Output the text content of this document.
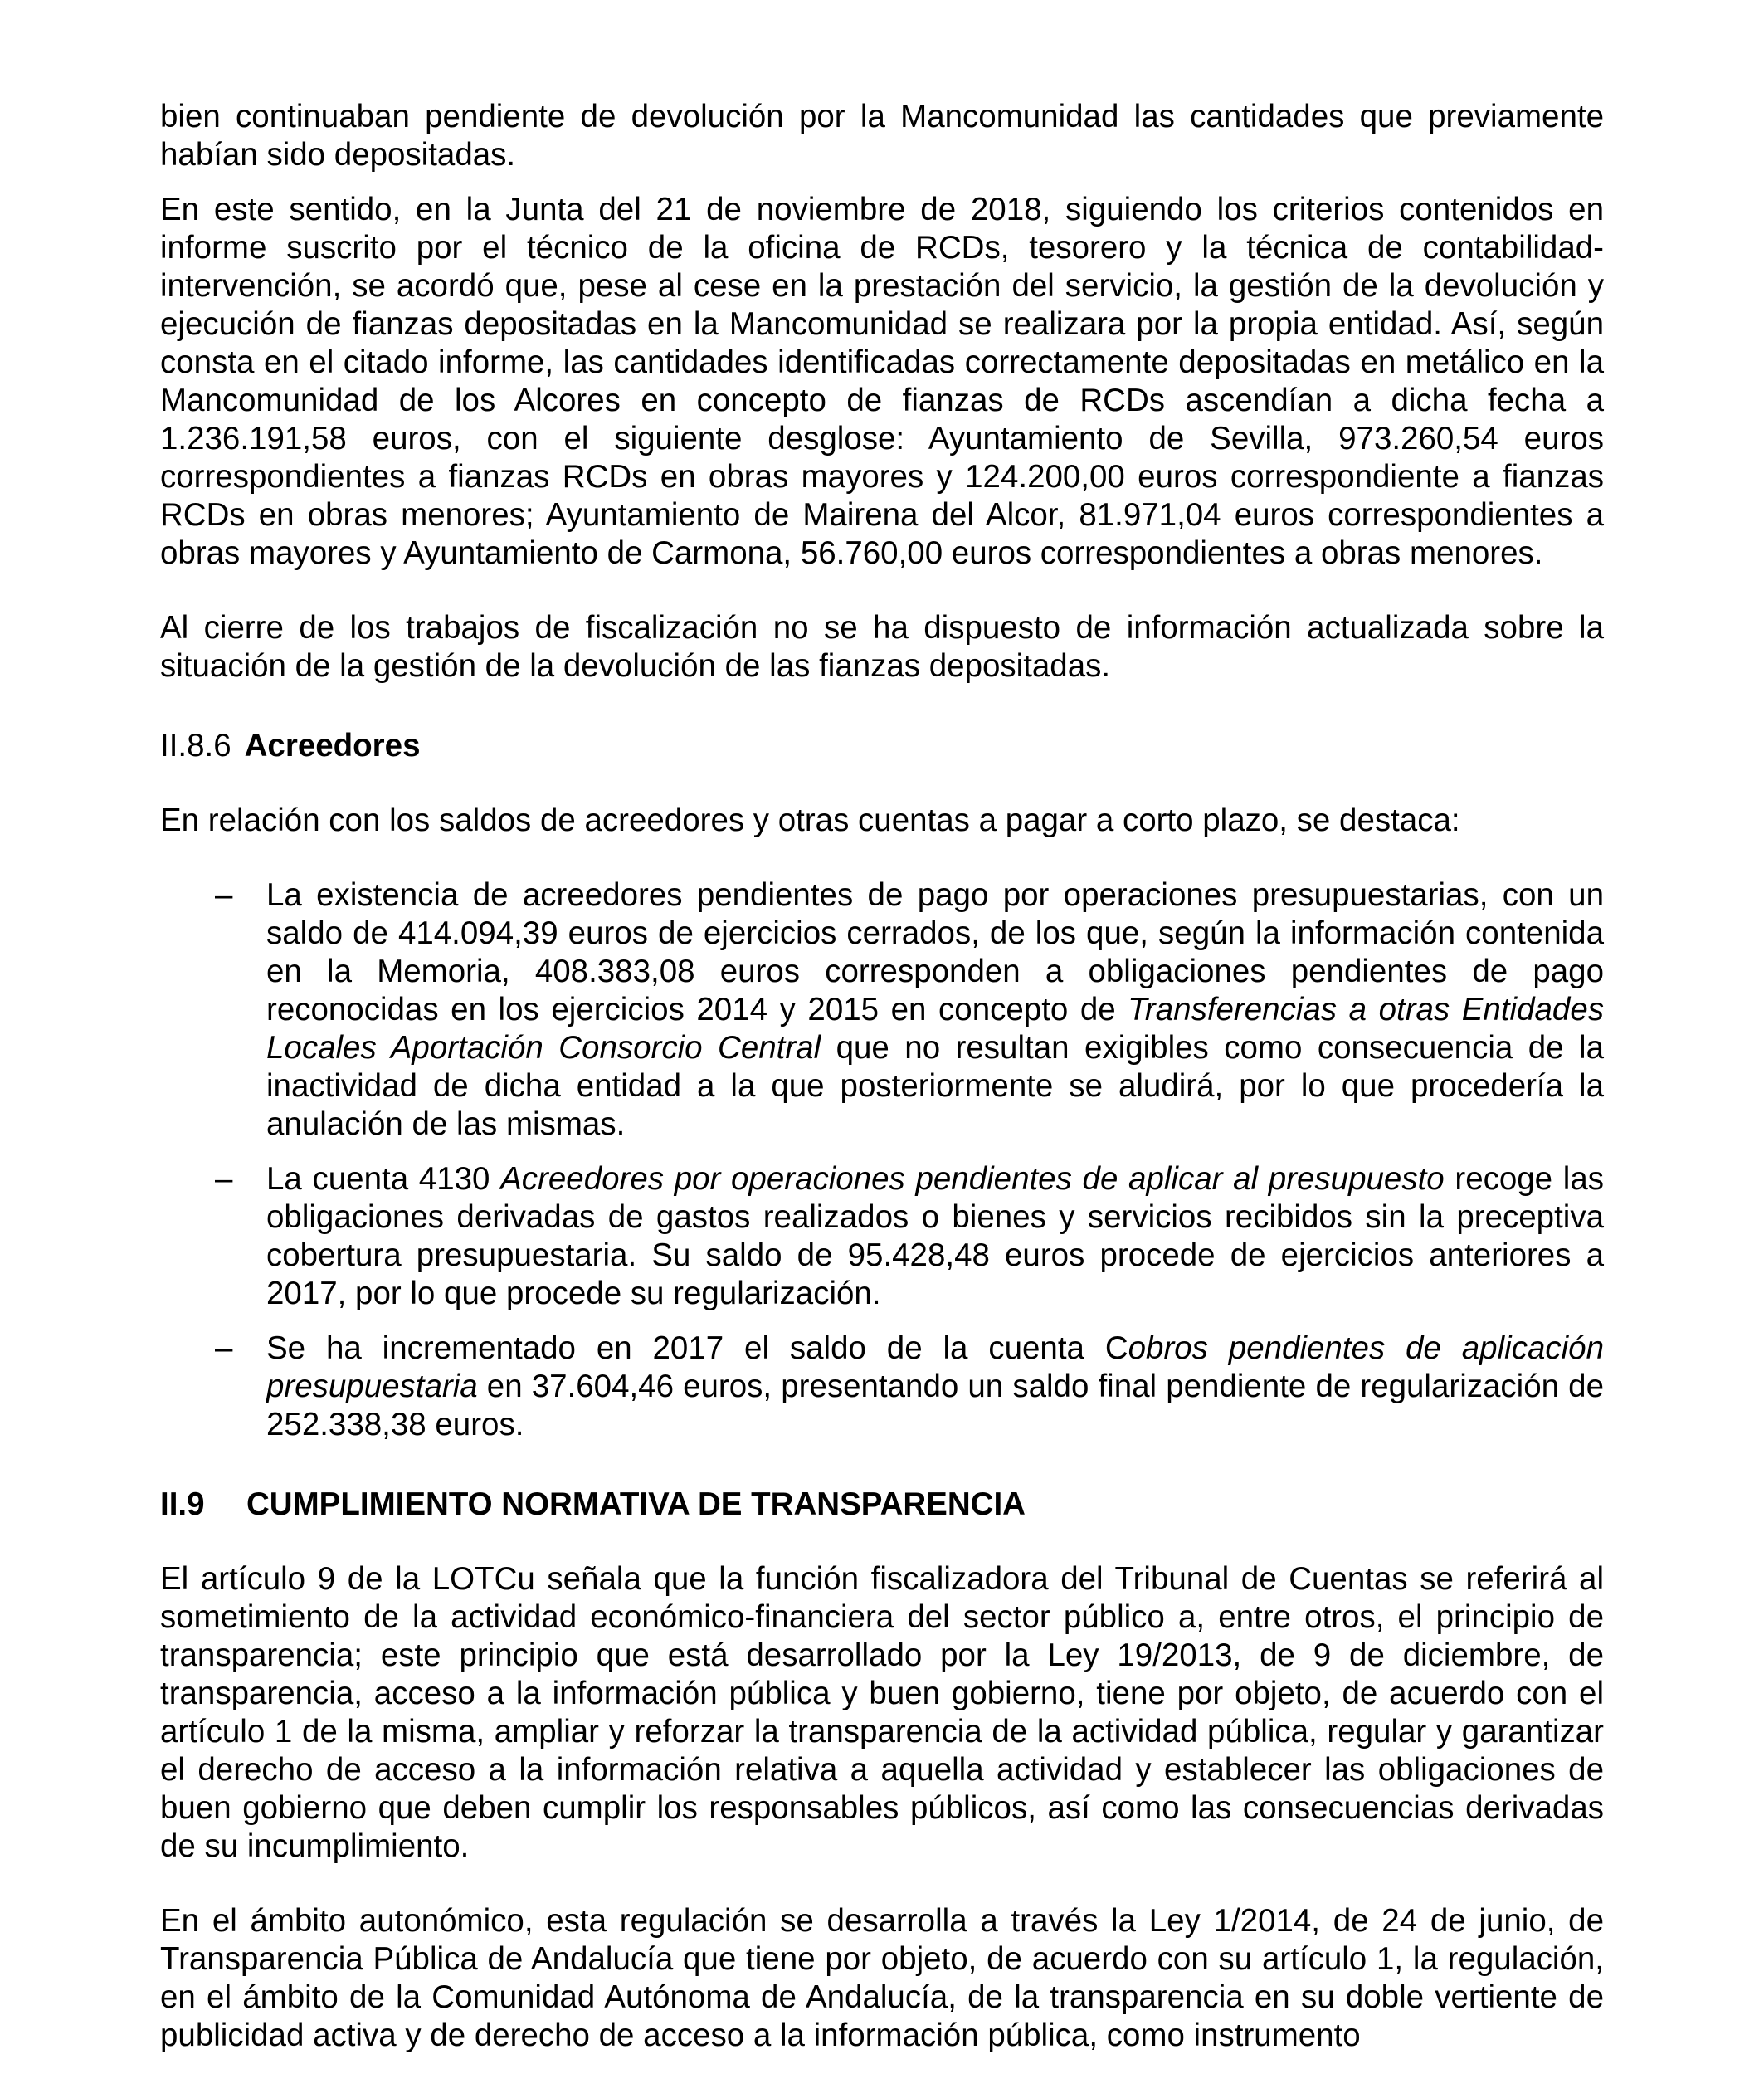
bien continuaban pendiente de devolución por la Mancomunidad las cantidades que previamente habían sido depositadas.

En este sentido, en la Junta del 21 de noviembre de 2018, siguiendo los criterios contenidos en informe suscrito por el técnico de la oficina de RCDs, tesorero y la técnica de contabilidad-intervención, se acordó que, pese al cese en la prestación del servicio, la gestión de la devolución y ejecución de fianzas depositadas en la Mancomunidad se realizara por la propia entidad. Así, según consta en el citado informe, las cantidades identificadas correctamente depositadas en metálico en la Mancomunidad de los Alcores en concepto de fianzas de RCDs ascendían a dicha fecha a 1.236.191,58 euros, con el siguiente desglose: Ayuntamiento de Sevilla, 973.260,54 euros correspondientes a fianzas RCDs en obras mayores y 124.200,00 euros correspondiente a fianzas RCDs en obras menores; Ayuntamiento de Mairena del Alcor, 81.971,04 euros correspondientes a obras mayores y Ayuntamiento de Carmona, 56.760,00 euros correspondientes a obras menores.

Al cierre de los trabajos de fiscalización no se ha dispuesto de información actualizada sobre la situación de la gestión de la devolución de las fianzas depositadas.

II.8.6 Acreedores

En relación con los saldos de acreedores y otras cuentas a pagar a corto plazo, se destaca:

– La existencia de acreedores pendientes de pago por operaciones presupuestarias, con un saldo de 414.094,39 euros de ejercicios cerrados, de los que, según la información contenida en la Memoria, 408.383,08 euros corresponden a obligaciones pendientes de pago reconocidas en los ejercicios 2014 y 2015 en concepto de Transferencias a otras Entidades Locales Aportación Consorcio Central que no resultan exigibles como consecuencia de la inactividad de dicha entidad a la que posteriormente se aludirá, por lo que procedería la anulación de las mismas.
– La cuenta 4130 Acreedores por operaciones pendientes de aplicar al presupuesto recoge las obligaciones derivadas de gastos realizados o bienes y servicios recibidos sin la preceptiva cobertura presupuestaria. Su saldo de 95.428,48 euros procede de ejercicios anteriores a 2017, por lo que procede su regularización.
– Se ha incrementado en 2017 el saldo de la cuenta Cobros pendientes de aplicación presupuestaria en 37.604,46 euros, presentando un saldo final pendiente de regularización de 252.338,38 euros.

II.9 CUMPLIMIENTO NORMATIVA DE TRANSPARENCIA

El artículo 9 de la LOTCu señala que la función fiscalizadora del Tribunal de Cuentas se referirá al sometimiento de la actividad económico-financiera del sector público a, entre otros, el principio de transparencia; este principio que está desarrollado por la Ley 19/2013, de 9 de diciembre, de transparencia, acceso a la información pública y buen gobierno, tiene por objeto, de acuerdo con el artículo 1 de la misma, ampliar y reforzar la transparencia de la actividad pública, regular y garantizar el derecho de acceso a la información relativa a aquella actividad y establecer las obligaciones de buen gobierno que deben cumplir los responsables públicos, así como las consecuencias derivadas de su incumplimiento.

En el ámbito autonómico, esta regulación se desarrolla a través la Ley 1/2014, de 24 de junio, de Transparencia Pública de Andalucía que tiene por objeto, de acuerdo con su artículo 1, la regulación, en el ámbito de la Comunidad Autónoma de Andalucía, de la transparencia en su doble vertiente de publicidad activa y de derecho de acceso a la información pública, como instrumento
